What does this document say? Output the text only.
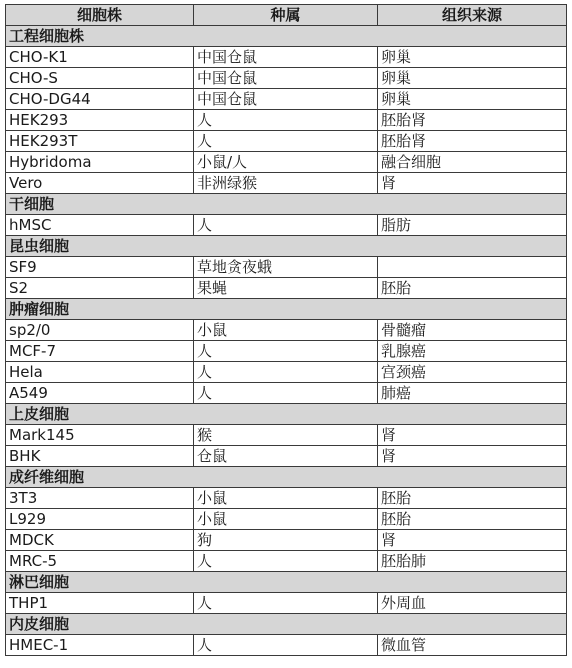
细胞株	种属	组织来源
工程细胞株		
CHO-K1	中国仓鼠	卵巢
CHO-S	中国仓鼠	卵巢
CHO-DG44	中国仓鼠	卵巢
HEK293	人	胚胎肾
HEK293T	人	胚胎肾
Hybridoma	小鼠/人	融合细胞
Vero	非洲绿猴	肾
干细胞		
hMSC	人	脂肪
昆虫细胞		
SF9	草地贪夜蛾	
S2	果蝇	胚胎
肿瘤细胞		
sp2/0	小鼠	骨髓瘤
MCF-7	人	乳腺癌
Hela	人	宫颈癌
A549	人	肺癌
上皮细胞		
Mark145	猴	肾
BHK	仓鼠	肾
成纤维细胞		
3T3	小鼠	胚胎
L929	小鼠	胚胎
MDCK	狗	肾
MRC-5	人	胚胎肺
淋巴细胞		
THP1	人	外周血
内皮细胞		
HMEC-1	人	微血管
